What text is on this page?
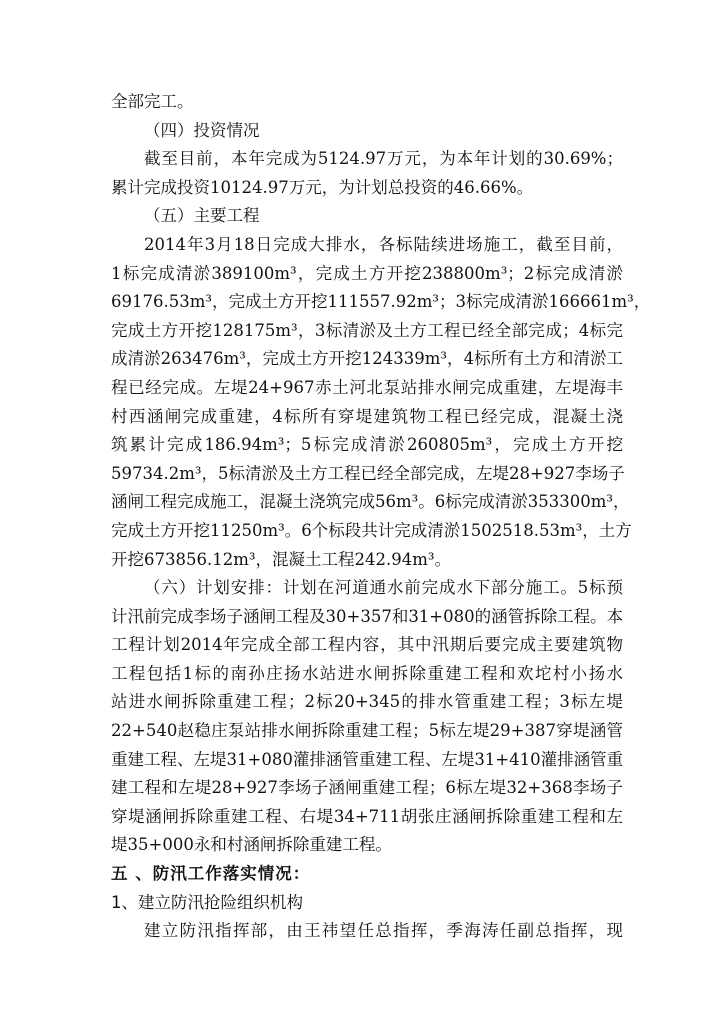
全部完工。
（四）投资情况
截至目前，本年完成为5124.97万元，为本年计划的30.69%；
累计完成投资10124.97万元，为计划总投资的46.66%。
（五）主要工程
2014年3月18日完成大排水，各标陆续进场施工，截至目前，
1标完成清淤389100m³，完成土方开挖238800m³；2标完成清淤
69176.53m³，完成土方开挖111557.92m³；3标完成清淤166661m³，
完成土方开挖128175m³，3标清淤及土方工程已经全部完成；4标完
成清淤263476m³，完成土方开挖124339m³，4标所有土方和清淤工
程已经完成。左堤24+967赤土河北泵站排水闸完成重建，左堤海丰
村西涵闸完成重建，4标所有穿堤建筑物工程已经完成，混凝土浇
筑累计完成186.94m³；5标完成清淤260805m³，完成土方开挖
59734.2m³，5标清淤及土方工程已经全部完成，左堤28+927李场子
涵闸工程完成施工，混凝土浇筑完成56m³。6标完成清淤353300m³，
完成土方开挖11250m³。6个标段共计完成清淤1502518.53m³，土方
开挖673856.12m³，混凝土工程242.94m³。
（六）计划安排：计划在河道通水前完成水下部分施工。5标预
计汛前完成李场子涵闸工程及30+357和31+080的涵管拆除工程。本
工程计划2014年完成全部工程内容，其中汛期后要完成主要建筑物
工程包括1标的南孙庄扬水站进水闸拆除重建工程和欢坨村小扬水
站进水闸拆除重建工程；2标20+345的排水管重建工程；3标左堤
22+540赵稳庄泵站排水闸拆除重建工程；5标左堤29+387穿堤涵管
重建工程、左堤31+080灌排涵管重建工程、左堤31+410灌排涵管重
建工程和左堤28+927李场子涵闸重建工程；6标左堤32+368李场子
穿堤涵闸拆除重建工程、右堤34+711胡张庄涵闸拆除重建工程和左
堤35+000永和村涵闸拆除重建工程。
五 、防汛工作落实情况：
1、建立防汛抢险组织机构
建立防汛指挥部，由王祎望任总指挥，季海涛任副总指挥，现
